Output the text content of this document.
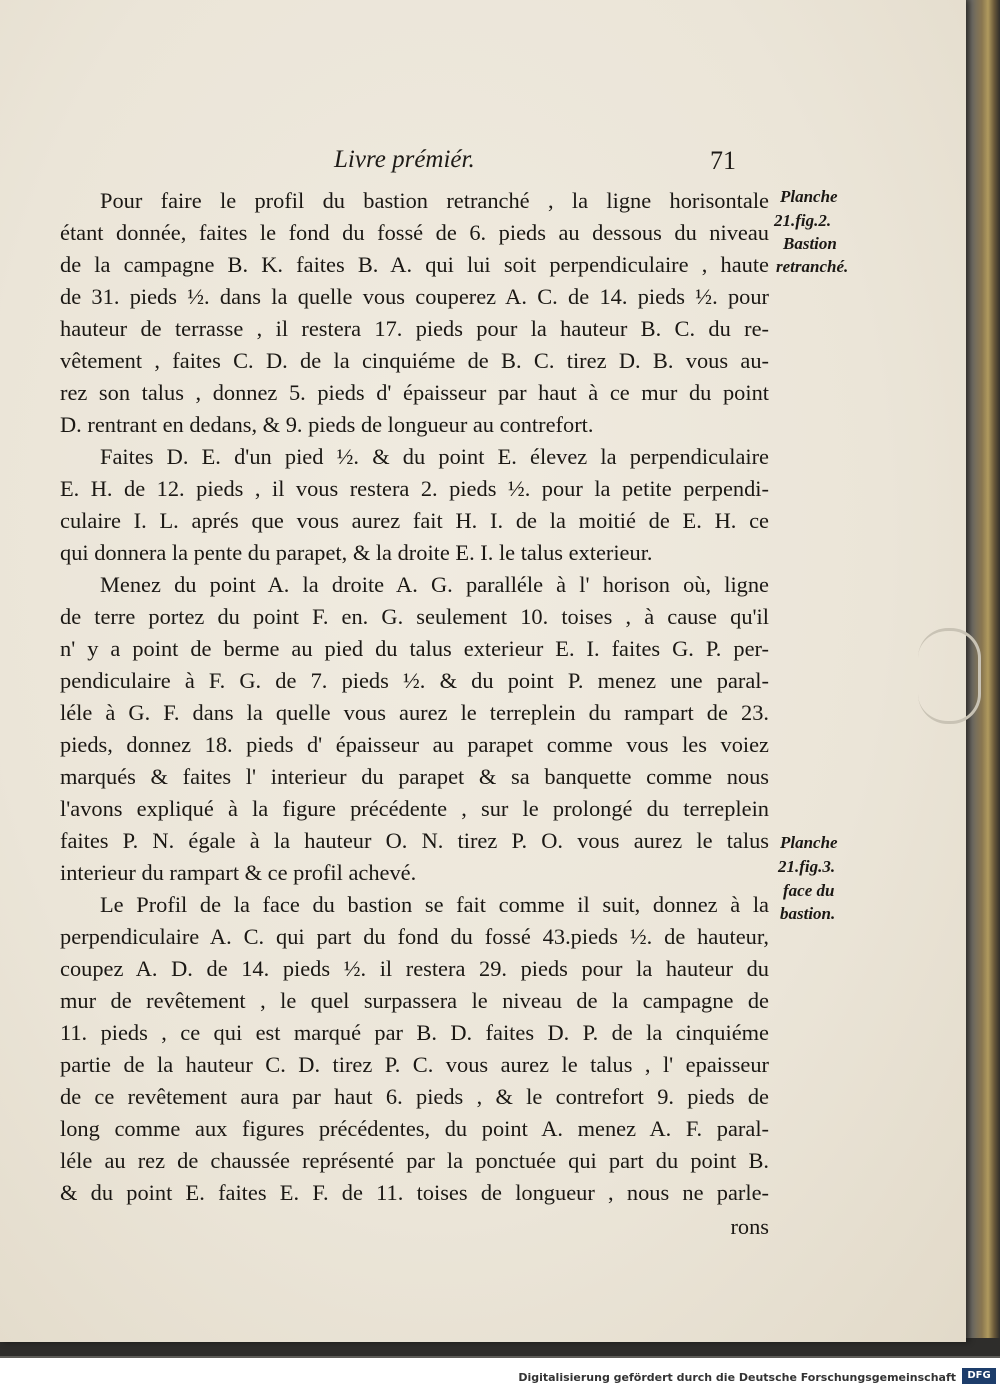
Livre prémiér.	71
Planche
21.fig.2.
Bastion
retranché.
Planche
21.fig.3.
face du
bastion.
Pour faire le profil du bastion retranché , la ligne horisontale
étant donnée, faites le fond du fossé de 6. pieds au dessous du niveau
de la campagne B. K. faites B. A. qui lui soit perpendiculaire , haute
de 31. pieds ½. dans la quelle vous couperez A. C. de 14. pieds ½. pour
hauteur de terrasse , il restera 17. pieds pour la hauteur B. C. du re-
vêtement , faites C. D. de la cinquiéme de B. C. tirez D. B. vous au-
rez son talus , donnez 5. pieds d' épaisseur par haut à ce mur du point
D. rentrant en dedans, & 9. pieds de longueur au contrefort.
Faites D. E. d'un pied ½. & du point E. élevez la perpendiculaire
E. H. de 12. pieds , il vous restera 2. pieds ½. pour la petite perpendi-
culaire I. L. aprés que vous aurez fait H. I. de la moitié de E. H. ce
qui donnera la pente du parapet, & la droite E. I. le talus exterieur.
Menez du point A. la droite A. G. paralléle à l' horison où, ligne
de terre portez du point F. en. G. seulement 10. toises , à cause qu'il
n' y a point de berme au pied du talus exterieur E. I. faites G. P. per-
pendiculaire à F. G. de 7. pieds ½. & du point P. menez une paral-
léle à G. F. dans la quelle vous aurez le terreplein du rampart de 23.
pieds, donnez 18. pieds d' épaisseur au parapet comme vous les voiez
marqués & faites l' interieur du parapet & sa banquette comme nous
l'avons expliqué à la figure précédente , sur le prolongé du terreplein
faites P. N. égale à la hauteur O. N. tirez P. O. vous aurez le talus
interieur du rampart & ce profil achevé.
Le Profil de la face du bastion se fait comme il suit, donnez à la
perpendiculaire A. C. qui part du fond du fossé 43.pieds ½. de hauteur,
coupez A. D. de 14. pieds ½. il restera 29. pieds pour la hauteur du
mur de revêtement , le quel surpassera le niveau de la campagne de
11. pieds , ce qui est marqué par B. D. faites D. P. de la cinquiéme
partie de la hauteur C. D. tirez P. C. vous aurez le talus , l' epaisseur
de ce revêtement aura par haut 6. pieds , & le contrefort 9. pieds de
long comme aux figures précédentes, du point A. menez A. F. paral-
léle au rez de chaussée représenté par la ponctuée qui part du point B.
& du point E. faites E. F. de 11. toises de longueur , nous ne parle-
rons
Digitalisierung gefördert durch die Deutsche Forschungsgemeinschaft	DFG
